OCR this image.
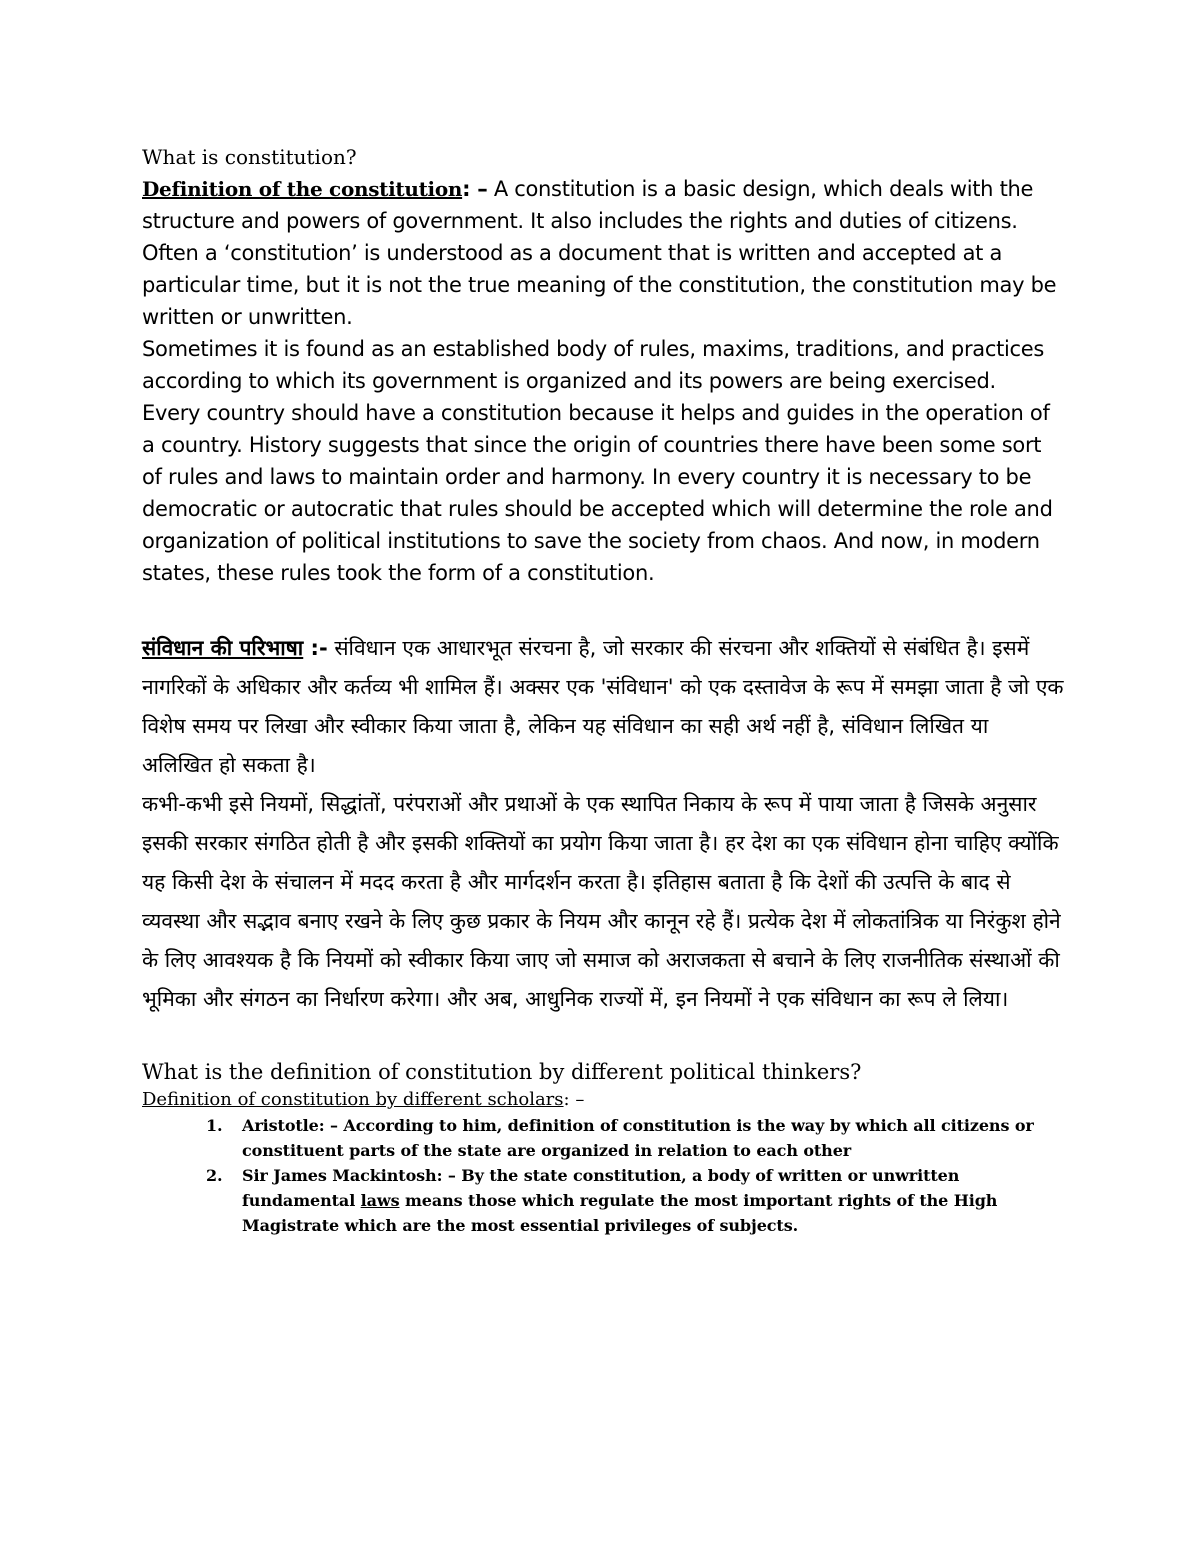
What is constitution?

Definition of the constitution: – A constitution is a basic design, which deals with the structure and powers of government. It also includes the rights and duties of citizens. Often a ‘constitution’ is understood as a document that is written and accepted at a particular time, but it is not the true meaning of the constitution, the constitution may be written or unwritten.

Sometimes it is found as an established body of rules, maxims, traditions, and practices according to which its government is organized and its powers are being exercised.

Every country should have a constitution because it helps and guides in the operation of a country. History suggests that since the origin of countries there have been some sort of rules and laws to maintain order and harmony. In every country it is necessary to be democratic or autocratic that rules should be accepted which will determine the role and organization of political institutions to save the society from chaos. And now, in modern states, these rules took the form of a constitution.

संविधान की परिभाषा :- संविधान एक आधारभूत संरचना है, जो सरकार की संरचना और शक्तियों से संबंधित है। इसमें नागरिकों के अधिकार और कर्तव्य भी शामिल हैं। अक्सर एक 'संविधान' को एक दस्तावेज के रूप में समझा जाता है जो एक विशेष समय पर लिखा और स्वीकार किया जाता है, लेकिन यह संविधान का सही अर्थ नहीं है, संविधान लिखित या अलिखित हो सकता है।

कभी-कभी इसे नियमों, सिद्धांतों, परंपराओं और प्रथाओं के एक स्थापित निकाय के रूप में पाया जाता है जिसके अनुसार इसकी सरकार संगठित होती है और इसकी शक्तियों का प्रयोग किया जाता है। हर देश का एक संविधान होना चाहिए क्योंकि यह किसी देश के संचालन में मदद करता है और मार्गदर्शन करता है। इतिहास बताता है कि देशों की उत्पत्ति के बाद से व्यवस्था और सद्भाव बनाए रखने के लिए कुछ प्रकार के नियम और कानून रहे हैं। प्रत्येक देश में लोकतांत्रिक या निरंकुश होने के लिए आवश्यक है कि नियमों को स्वीकार किया जाए जो समाज को अराजकता से बचाने के लिए राजनीतिक संस्थाओं की भूमिका और संगठन का निर्धारण करेगा। और अब, आधुनिक राज्यों में, इन नियमों ने एक संविधान का रूप ले लिया।

What is the definition of constitution by different political thinkers?

Definition of constitution by different scholars: –

1. Aristotle: – According to him, definition of constitution is the way by which all citizens or constituent parts of the state are organized in relation to each other
2. Sir James Mackintosh: – By the state constitution, a body of written or unwritten fundamental laws means those which regulate the most important rights of the High Magistrate which are the most essential privileges of subjects.
